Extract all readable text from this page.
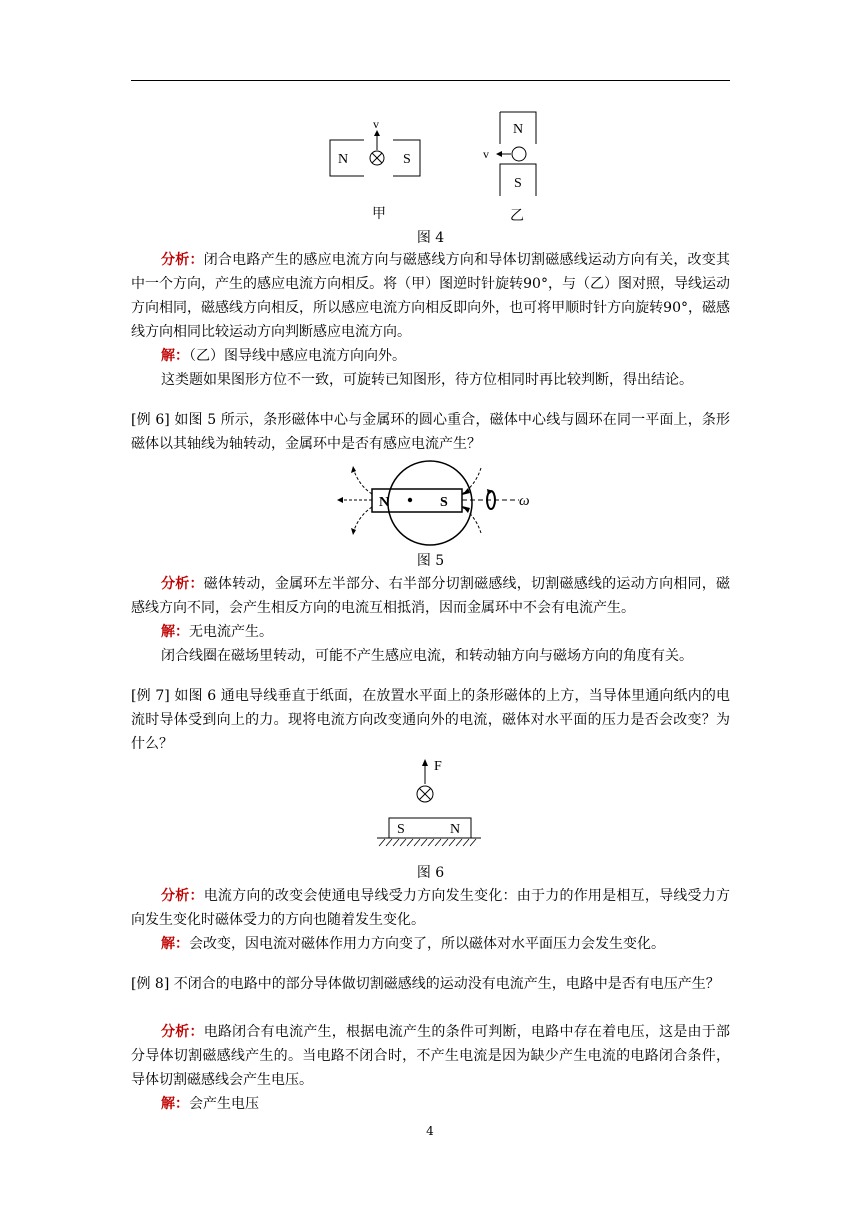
N	S
v	N
S
v
甲	乙
图 4
分析：闭合电路产生的感应电流方向与磁感线方向和导体切割磁感线运动方向有关，改变其中一个方向，产生的感应电流方向相反。将（甲）图逆时针旋转90°，与（乙）图对照，导线运动方向相同，磁感线方向相反，所以感应电流方向相反即向外，也可将甲顺时针方向旋转90°，磁感线方向相同比较运动方向判断感应电流方向。
解：（乙）图导线中感应电流方向向外。
这类题如果图形方位不一致，可旋转已知图形，待方位相同时再比较判断，得出结论。
[例 6] 如图 5 所示，条形磁体中心与金属环的圆心重合，磁体中心线与圆环在同一平面上，条形磁体以其轴线为轴转动，金属环中是否有感应电流产生？
N	S	ω
图 5
分析：磁体转动，金属环左半部分、右半部分切割磁感线，切割磁感线的运动方向相同，磁感线方向不同，会产生相反方向的电流互相抵消，因而金属环中不会有电流产生。
解：无电流产生。
闭合线圈在磁场里转动，可能不产生感应电流，和转动轴方向与磁场方向的角度有关。
[例 7] 如图 6 通电导线垂直于纸面，在放置水平面上的条形磁体的上方，当导体里通向纸内的电流时导体受到向上的力。现将电流方向改变通向外的电流，磁体对水平面的压力是否会改变？为什么？
F
S	N
图 6
分析：电流方向的改变会使通电导线受力方向发生变化：由于力的作用是相互，导线受力方向发生变化时磁体受力的方向也随着发生变化。
解：会改变，因电流对磁体作用力方向变了，所以磁体对水平面压力会发生变化。
[例 8] 不闭合的电路中的部分导体做切割磁感线的运动没有电流产生，电路中是否有电压产生？
分析：电路闭合有电流产生，根据电流产生的条件可判断，电路中存在着电压，这是由于部分导体切割磁感线产生的。当电路不闭合时，不产生电流是因为缺少产生电流的电路闭合条件，导体切割磁感线会产生电压。
解：会产生电压
4
